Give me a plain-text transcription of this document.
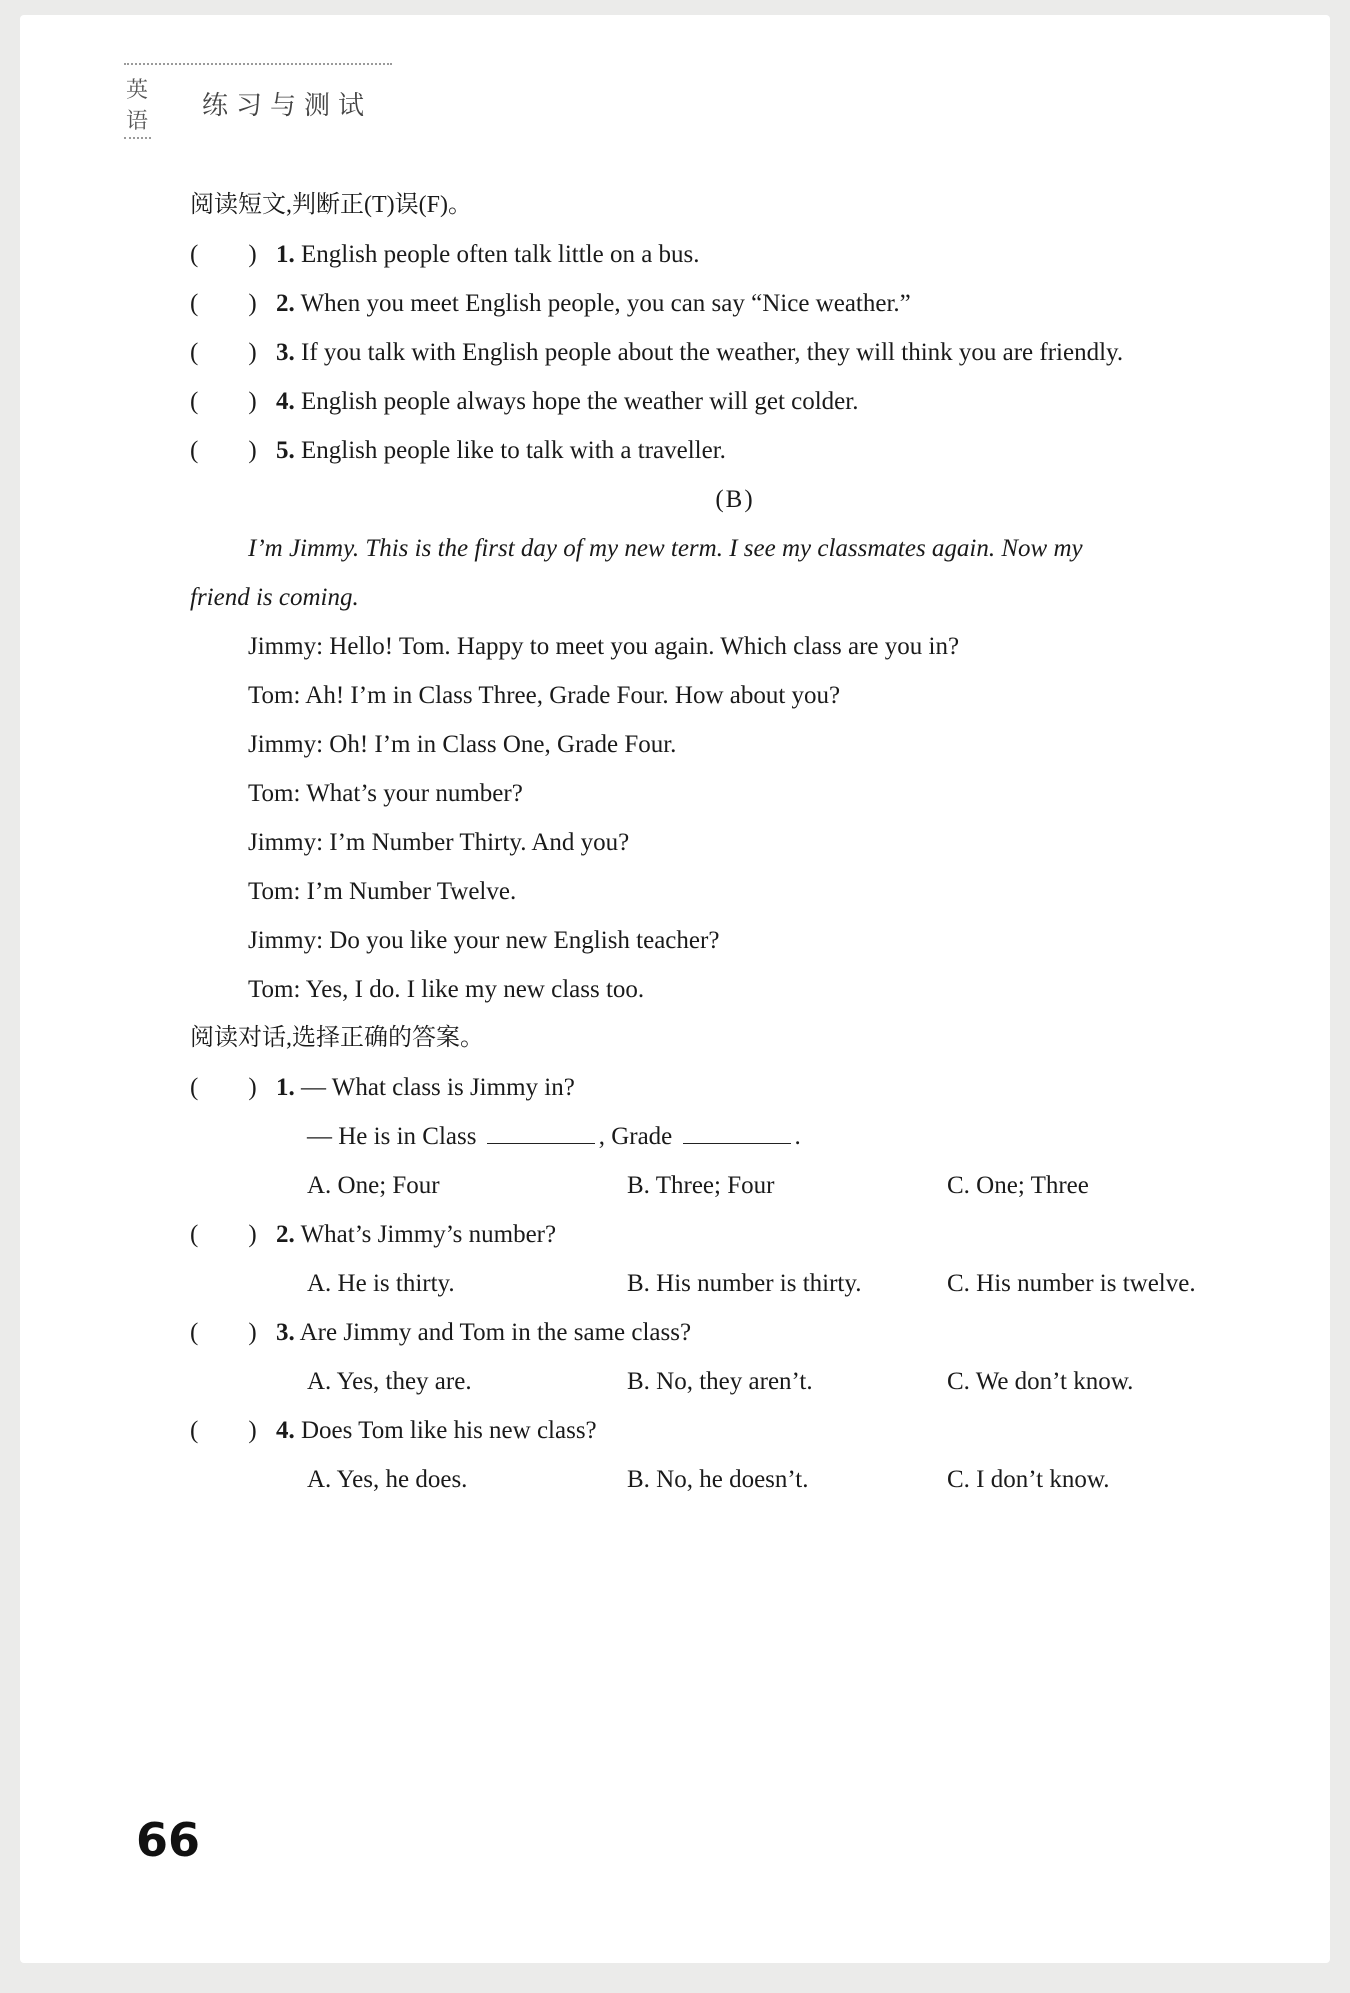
英语
练习与测试
阅读短文,判断正(T)误(F)。
(　　) 1. English people often talk little on a bus.
(　　) 2. When you meet English people, you can say “Nice weather.”
(　　) 3. If you talk with English people about the weather, they will think you are friendly.
(　　) 4. English people always hope the weather will get colder.
(　　) 5. English people like to talk with a traveller.
(B)
I’m Jimmy. This is the first day of my new term. I see my classmates again. Now my
friend is coming.
Jimmy: Hello! Tom. Happy to meet you again. Which class are you in?
Tom: Ah! I’m in Class Three, Grade Four. How about you?
Jimmy: Oh! I’m in Class One, Grade Four.
Tom: What’s your number?
Jimmy: I’m Number Thirty. And you?
Tom: I’m Number Twelve.
Jimmy: Do you like your new English teacher?
Tom: Yes, I do. I like my new class too.
阅读对话,选择正确的答案。
(　　) 1. — What class is Jimmy in?
— He is in Class	, Grade	.
A. One; Four	B. Three; Four	C. One; Three
(　　) 2. What’s Jimmy’s number?
A. He is thirty.	B. His number is thirty.	C. His number is twelve.
(　　) 3. Are Jimmy and Tom in the same class?
A. Yes, they are.	B. No, they aren’t.	C. We don’t know.
(　　) 4. Does Tom like his new class?
A. Yes, he does.	B. No, he doesn’t.	C. I don’t know.
66
